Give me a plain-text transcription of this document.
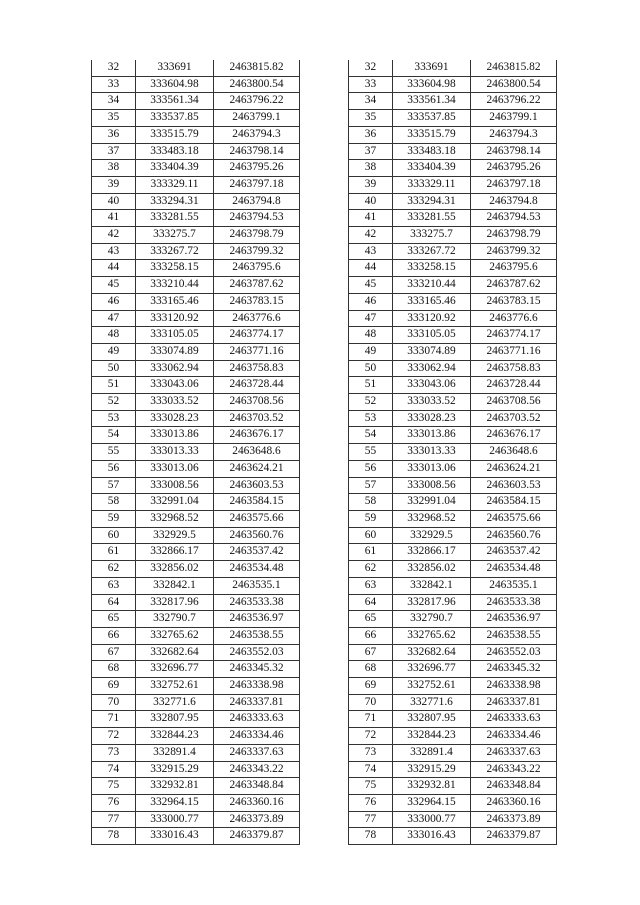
32	333691	2463815.82
33	333604.98	2463800.54
34	333561.34	2463796.22
35	333537.85	2463799.1
36	333515.79	2463794.3
37	333483.18	2463798.14
38	333404.39	2463795.26
39	333329.11	2463797.18
40	333294.31	2463794.8
41	333281.55	2463794.53
42	333275.7	2463798.79
43	333267.72	2463799.32
44	333258.15	2463795.6
45	333210.44	2463787.62
46	333165.46	2463783.15
47	333120.92	2463776.6
48	333105.05	2463774.17
49	333074.89	2463771.16
50	333062.94	2463758.83
51	333043.06	2463728.44
52	333033.52	2463708.56
53	333028.23	2463703.52
54	333013.86	2463676.17
55	333013.33	2463648.6
56	333013.06	2463624.21
57	333008.56	2463603.53
58	332991.04	2463584.15
59	332968.52	2463575.66
60	332929.5	2463560.76
61	332866.17	2463537.42
62	332856.02	2463534.48
63	332842.1	2463535.1
64	332817.96	2463533.38
65	332790.7	2463536.97
66	332765.62	2463538.55
67	332682.64	2463552.03
68	332696.77	2463345.32
69	332752.61	2463338.98
70	332771.6	2463337.81
71	332807.95	2463333.63
72	332844.23	2463334.46
73	332891.4	2463337.63
74	332915.29	2463343.22
75	332932.81	2463348.84
76	332964.15	2463360.16
77	333000.77	2463373.89
78	333016.43	2463379.87
32	333691	2463815.82
33	333604.98	2463800.54
34	333561.34	2463796.22
35	333537.85	2463799.1
36	333515.79	2463794.3
37	333483.18	2463798.14
38	333404.39	2463795.26
39	333329.11	2463797.18
40	333294.31	2463794.8
41	333281.55	2463794.53
42	333275.7	2463798.79
43	333267.72	2463799.32
44	333258.15	2463795.6
45	333210.44	2463787.62
46	333165.46	2463783.15
47	333120.92	2463776.6
48	333105.05	2463774.17
49	333074.89	2463771.16
50	333062.94	2463758.83
51	333043.06	2463728.44
52	333033.52	2463708.56
53	333028.23	2463703.52
54	333013.86	2463676.17
55	333013.33	2463648.6
56	333013.06	2463624.21
57	333008.56	2463603.53
58	332991.04	2463584.15
59	332968.52	2463575.66
60	332929.5	2463560.76
61	332866.17	2463537.42
62	332856.02	2463534.48
63	332842.1	2463535.1
64	332817.96	2463533.38
65	332790.7	2463536.97
66	332765.62	2463538.55
67	332682.64	2463552.03
68	332696.77	2463345.32
69	332752.61	2463338.98
70	332771.6	2463337.81
71	332807.95	2463333.63
72	332844.23	2463334.46
73	332891.4	2463337.63
74	332915.29	2463343.22
75	332932.81	2463348.84
76	332964.15	2463360.16
77	333000.77	2463373.89
78	333016.43	2463379.87
